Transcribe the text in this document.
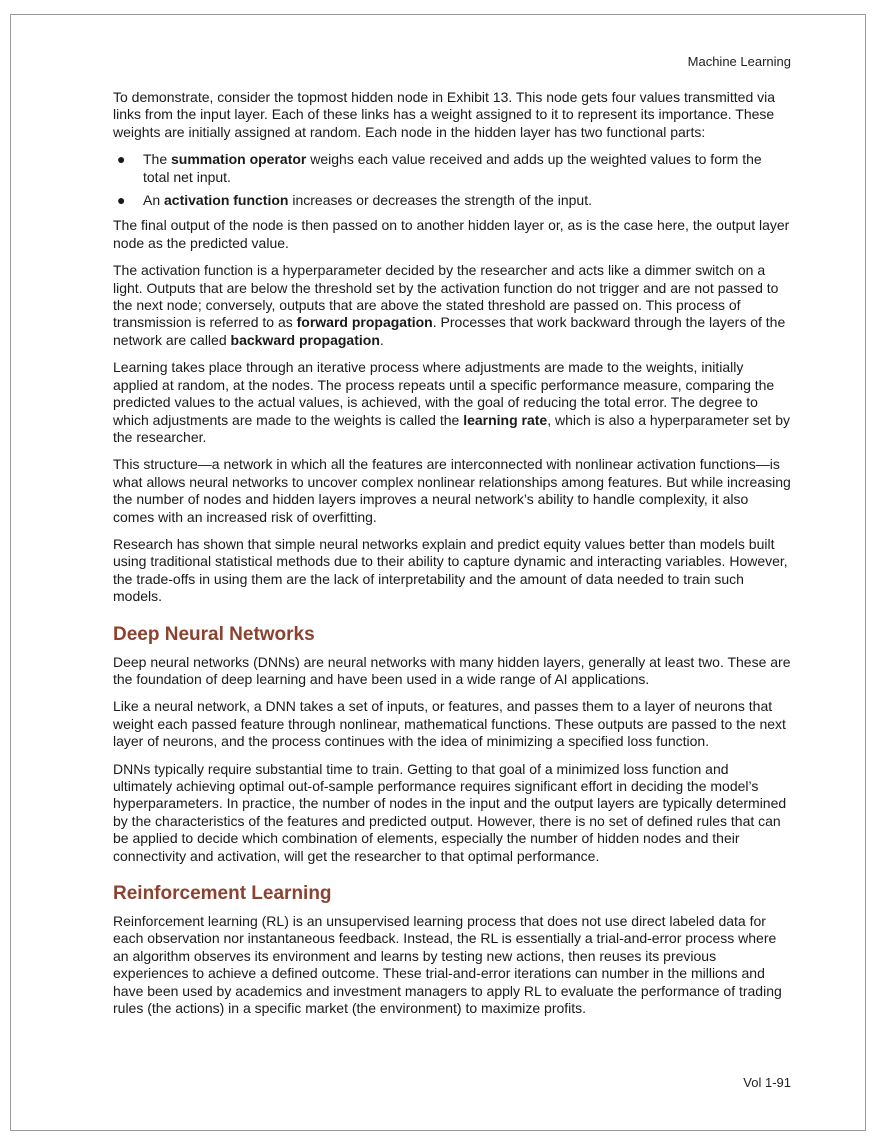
Machine Learning

To demonstrate, consider the topmost hidden node in Exhibit 13. This node gets four values transmitted via links from the input layer. Each of these links has a weight assigned to it to represent its importance. These weights are initially assigned at random. Each node in the hidden layer has two functional parts:

● The summation operator weighs each value received and adds up the weighted values to form the total net input.
● An activation function increases or decreases the strength of the input.

The final output of the node is then passed on to another hidden layer or, as is the case here, the output layer node as the predicted value.

The activation function is a hyperparameter decided by the researcher and acts like a dimmer switch on a light. Outputs that are below the threshold set by the activation function do not trigger and are not passed to the next node; conversely, outputs that are above the stated threshold are passed on. This process of transmission is referred to as forward propagation. Processes that work backward through the layers of the network are called backward propagation.

Learning takes place through an iterative process where adjustments are made to the weights, initially applied at random, at the nodes. The process repeats until a specific performance measure, comparing the predicted values to the actual values, is achieved, with the goal of reducing the total error. The degree to which adjustments are made to the weights is called the learning rate, which is also a hyperparameter set by the researcher.

This structure—a network in which all the features are interconnected with nonlinear activation functions—is what allows neural networks to uncover complex nonlinear relationships among features. But while increasing the number of nodes and hidden layers improves a neural network’s ability to handle complexity, it also comes with an increased risk of overfitting.

Research has shown that simple neural networks explain and predict equity values better than models built using traditional statistical methods due to their ability to capture dynamic and interacting variables. However, the trade-offs in using them are the lack of interpretability and the amount of data needed to train such models.

Deep Neural Networks

Deep neural networks (DNNs) are neural networks with many hidden layers, generally at least two. These are the foundation of deep learning and have been used in a wide range of AI applications.

Like a neural network, a DNN takes a set of inputs, or features, and passes them to a layer of neurons that weight each passed feature through nonlinear, mathematical functions. These outputs are passed to the next layer of neurons, and the process continues with the idea of minimizing a specified loss function.

DNNs typically require substantial time to train. Getting to that goal of a minimized loss function and ultimately achieving optimal out-of-sample performance requires significant effort in deciding the model’s hyperparameters. In practice, the number of nodes in the input and the output layers are typically determined by the characteristics of the features and predicted output. However, there is no set of defined rules that can be applied to decide which combination of elements, especially the number of hidden nodes and their connectivity and activation, will get the researcher to that optimal performance.

Reinforcement Learning

Reinforcement learning (RL) is an unsupervised learning process that does not use direct labeled data for each observation nor instantaneous feedback. Instead, the RL is essentially a trial-and-error process where an algorithm observes its environment and learns by testing new actions, then reuses its previous experiences to achieve a defined outcome. These trial-and-error iterations can number in the millions and have been used by academics and investment managers to apply RL to evaluate the performance of trading rules (the actions) in a specific market (the environment) to maximize profits.

Vol 1-91
